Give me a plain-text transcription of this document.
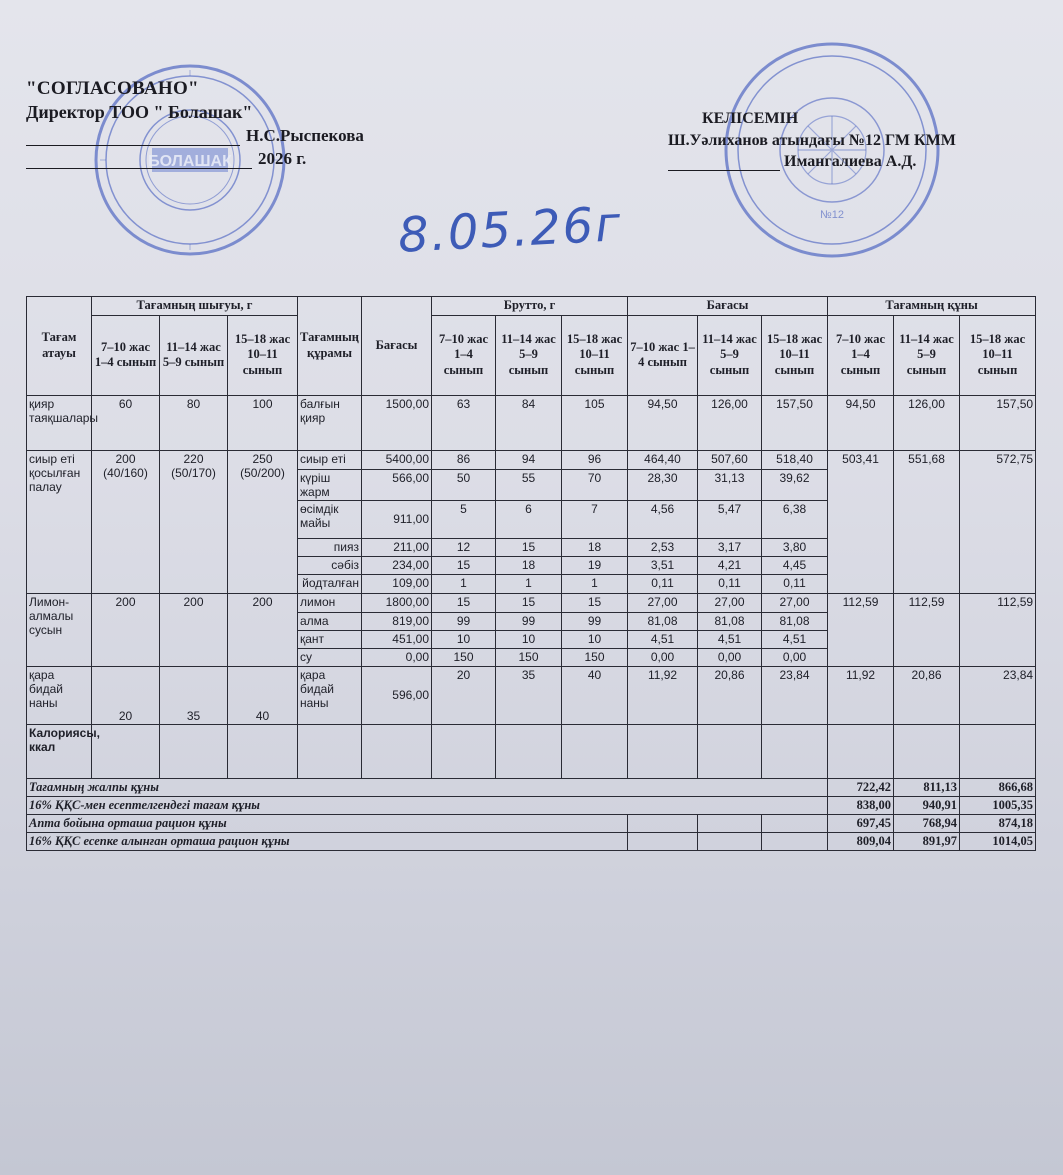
БОЛАШАК
№12
"СОГЛАСОВАНО"
Директор ТОО " Болашак"
Н.С.Рыспекова
2026 г.
КЕЛІСЕМІН
Ш.Уәлиханов атындағы №12 ГМ КММ
Имангалиева А.Д.
8.05.26г
Тағам атауы	Тағамның шығуы, г			Тағамның құрамы	Бағасы	Брутто, г			Бағасы			Тағамның құны		
	7–10 жас 1–4 сынып	11–14 жас 5–9 сынып	15–18 жас 10–11 сынып			7–10 жас 1–4 сынып	11–14 жас 5–9 сынып	15–18 жас 10–11 сынып	7–10 жас 1–4 сынып	11–14 жас 5–9 сынып	15–18 жас 10–11 сынып	7–10 жас 1–4 сынып	11–14 жас 5–9 сынып	15–18 жас 10–11 сынып
қияр таяқшалары	60	80	100	балғын қияр	1500,00	63	84	105	94,50	126,00	157,50	94,50	126,00	157,50
сиыр еті қосылған палау	200 (40/160)	220 (50/170)	250 (50/200)	сиыр еті	5400,00	86	94	96	464,40	507,60	518,40	503,41	551,68	572,75
				күріш жарм	566,00	50	55	70	28,30	31,13	39,62			
				өсімдік майы	911,00	5	6	7	4,56	5,47	6,38			
				пияз	211,00	12	15	18	2,53	3,17	3,80			
				сәбіз	234,00	15	18	19	3,51	4,21	4,45			
				йодталған	109,00	1	1	1	0,11	0,11	0,11			
Лимон-алмалы сусын	200	200	200	лимон	1800,00	15	15	15	27,00	27,00	27,00	112,59	112,59	112,59
				алма	819,00	99	99	99	81,08	81,08	81,08			
				қант	451,00	10	10	10	4,51	4,51	4,51			
				су	0,00	150	150	150	0,00	0,00	0,00			
қара бидай наны	20	35	40	қара бидай наны	596,00	20	35	40	11,92	20,86	23,84	11,92	20,86	23,84
Калориясы, ккал														
Тағамның жалпы құны												722,42	811,13	866,68
16% ҚҚС-мен есептелгендегі тағам құны												838,00	940,91	1005,35
Апта бойына орташа рацион құны												697,45	768,94	874,18
16% ҚҚС есепке алынған орташа рацион құны												809,04	891,97	1014,05
